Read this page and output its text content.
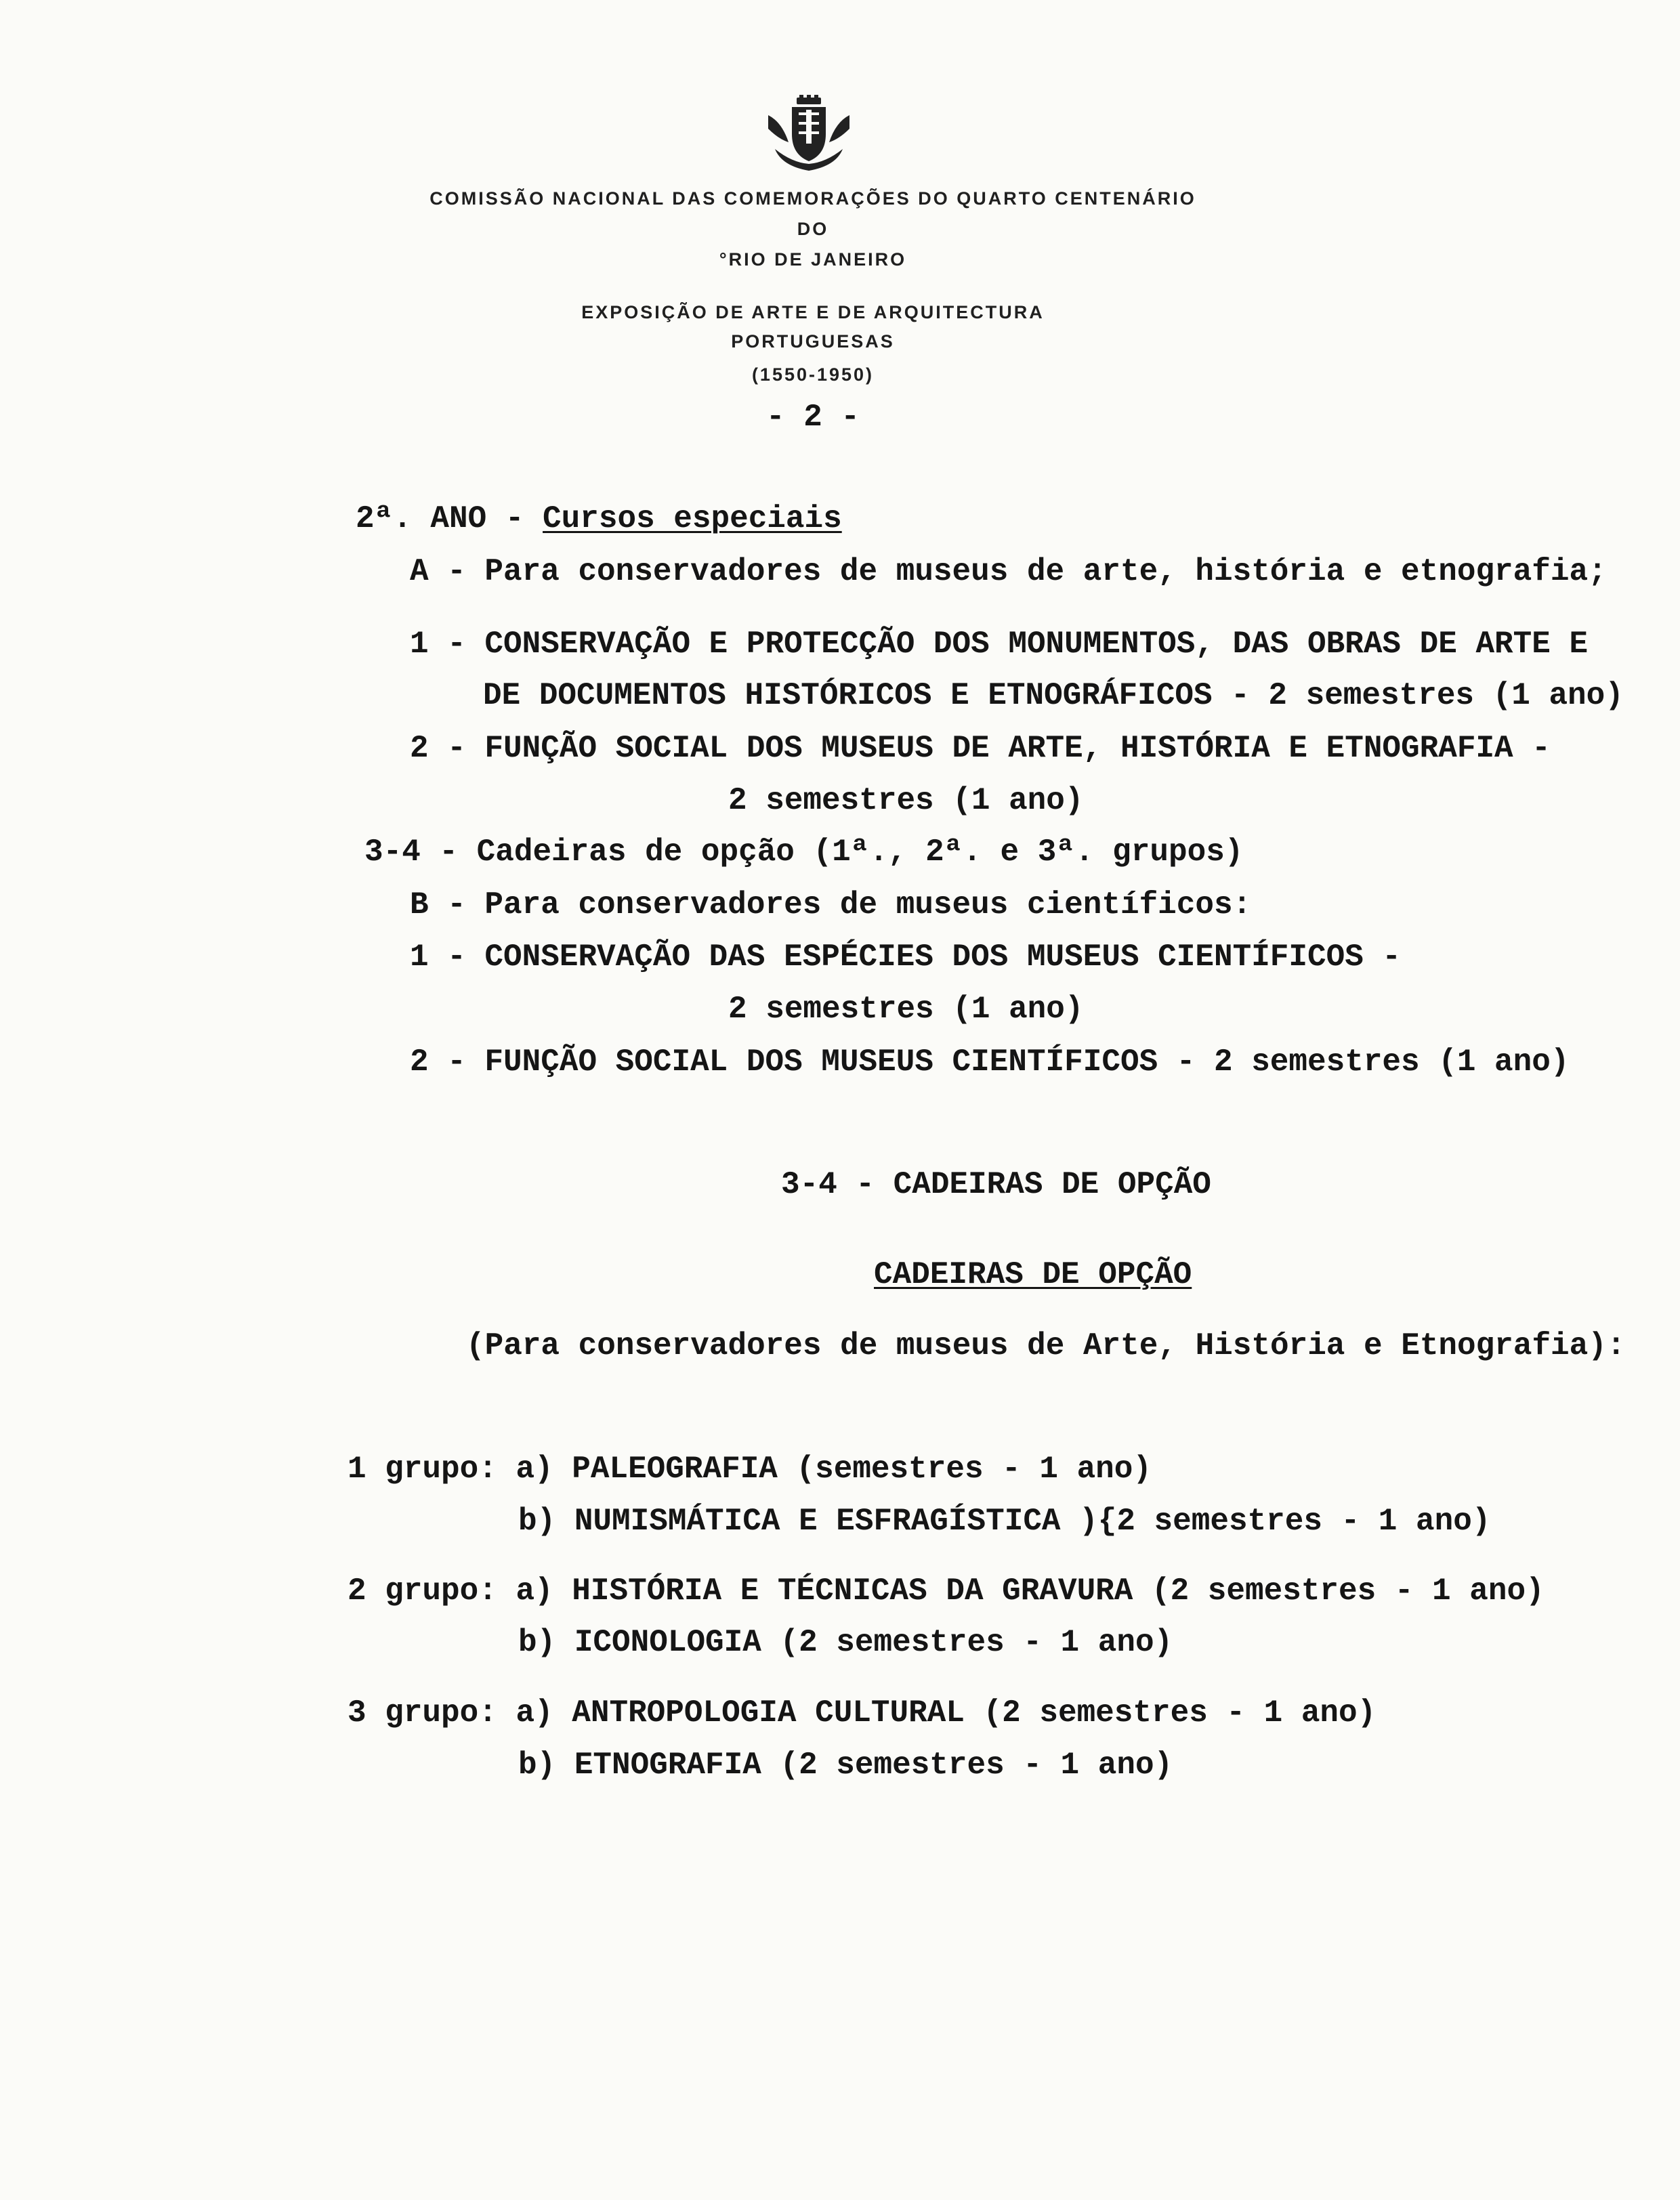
COMISSÃO NACIONAL DAS COMEMORAÇÕES DO QUARTO CENTENÁRIO
DO
°RIO DE JANEIRO
EXPOSIÇÃO DE ARTE E DE ARQUITECTURA
PORTUGUESAS
(1550-1950)
- 2 -
2ª. ANO - Cursos especiais
A - Para conservadores de museus de arte, história e etnografia;
1 - CONSERVAÇÃO E PROTECÇÃO DOS MONUMENTOS, DAS OBRAS DE ARTE E
DE DOCUMENTOS HISTÓRICOS E ETNOGRÁFICOS - 2 semestres (1 ano)
2 - FUNÇÃO SOCIAL DOS MUSEUS DE ARTE, HISTÓRIA E ETNOGRAFIA -
2 semestres (1 ano)
3-4 - Cadeiras de opção (1ª., 2ª. e 3ª. grupos)
B - Para conservadores de museus científicos:
1 - CONSERVAÇÃO DAS ESPÉCIES DOS MUSEUS CIENTÍFICOS -
2 semestres (1 ano)
2 - FUNÇÃO SOCIAL DOS MUSEUS CIENTÍFICOS - 2 semestres (1 ano)
3-4 - CADEIRAS DE OPÇÃO
CADEIRAS DE OPÇÃO
(Para conservadores de museus de Arte, História e Etnografia):
1 grupo: a) PALEOGRAFIA (semestres - 1 ano)
b) NUMISMÁTICA E ESFRAGÍSTICA ){2 semestres - 1 ano)
2 grupo: a) HISTÓRIA E TÉCNICAS DA GRAVURA (2 semestres - 1 ano)
b) ICONOLOGIA (2 semestres - 1 ano)
3 grupo: a) ANTROPOLOGIA CULTURAL (2 semestres - 1 ano)
b) ETNOGRAFIA (2 semestres - 1 ano)
